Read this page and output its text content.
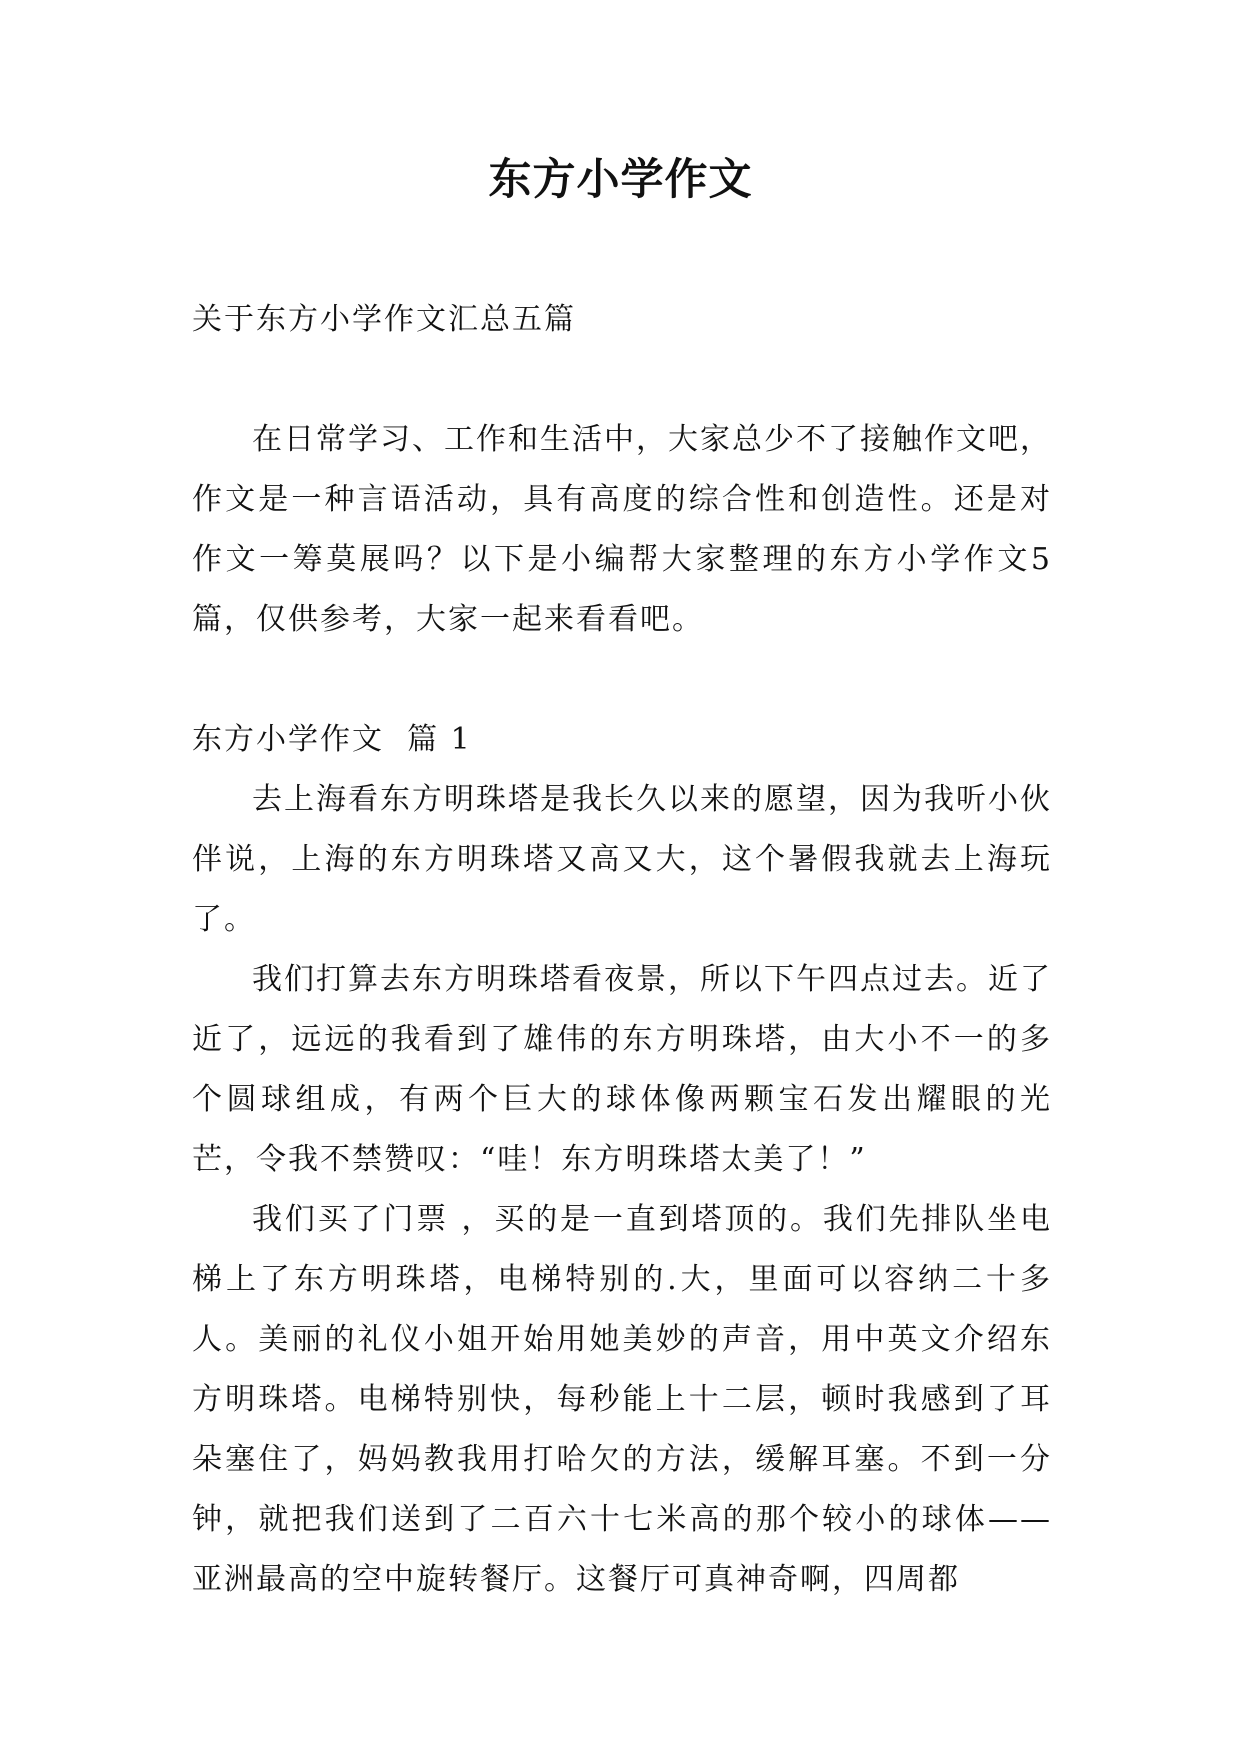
东方小学作文

关于东方小学作文汇总五篇

在日常学习、工作和生活中，大家总少不了接触作文吧，作文是一种言语活动，具有高度的综合性和创造性。还是对作文一筹莫展吗？以下是小编帮大家整理的东方小学作文5篇，仅供参考，大家一起来看看吧。

东方小学作文  篇 1

去上海看东方明珠塔是我长久以来的愿望，因为我听小伙伴说，上海的东方明珠塔又高又大，这个暑假我就去上海玩了。

我们打算去东方明珠塔看夜景，所以下午四点过去。近了近了，远远的我看到了雄伟的东方明珠塔，由大小不一的多个圆球组成，有两个巨大的球体像两颗宝石发出耀眼的光芒，令我不禁赞叹：“哇！东方明珠塔太美了！”

我们买了门票 ，买的是一直到塔顶的。我们先排队坐电梯上了东方明珠塔，电梯特别的.大，里面可以容纳二十多人。美丽的礼仪小姐开始用她美妙的声音，用中英文介绍东方明珠塔。电梯特别快，每秒能上十二层，顿时我感到了耳朵塞住了，妈妈教我用打哈欠的方法，缓解耳塞。不到一分钟，就把我们送到了二百六十七米高的那个较小的球体——亚洲最高的空中旋转餐厅。这餐厅可真神奇啊，四周都
